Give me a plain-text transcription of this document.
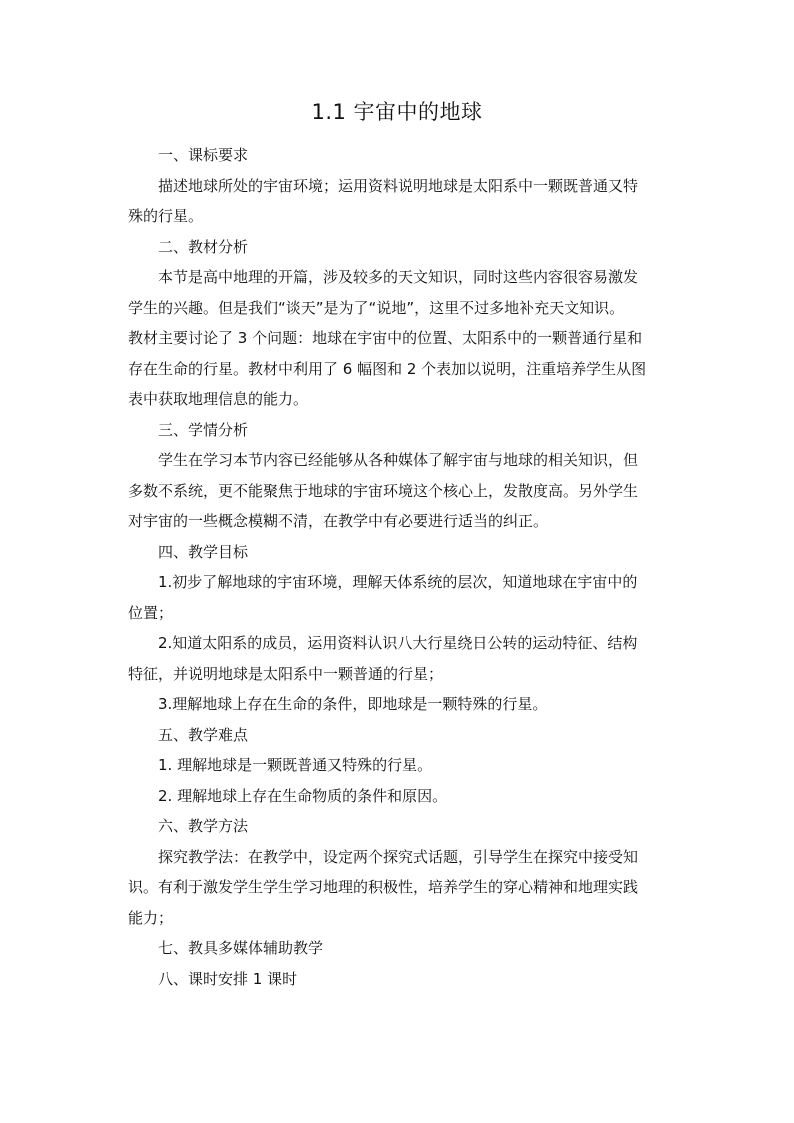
1.1 宇宙中的地球
一、课标要求
描述地球所处的宇宙环境；运用资料说明地球是太阳系中一颗既普通又特
殊的行星。
二、教材分析
本节是高中地理的开篇，涉及较多的天文知识，同时这些内容很容易激发
学生的兴趣。但是我们“谈天”是为了“说地”，这里不过多地补充天文知识。
教材主要讨论了 3 个问题：地球在宇宙中的位置、太阳系中的一颗普通行星和
存在生命的行星。教材中利用了 6 幅图和 2 个表加以说明，注重培养学生从图
表中获取地理信息的能力。
三、学情分析
学生在学习本节内容已经能够从各种媒体了解宇宙与地球的相关知识，但
多数不系统，更不能聚焦于地球的宇宙环境这个核心上，发散度高。另外学生
对宇宙的一些概念模糊不清，在教学中有必要进行适当的纠正。
四、教学目标
1.初步了解地球的宇宙环境，理解天体系统的层次，知道地球在宇宙中的
位置；
2.知道太阳系的成员，运用资料认识八大行星绕日公转的运动特征、结构
特征，并说明地球是太阳系中一颗普通的行星；
3.理解地球上存在生命的条件，即地球是一颗特殊的行星。
五、教学难点
1. 理解地球是一颗既普通又特殊的行星。
2. 理解地球上存在生命物质的条件和原因。
六、教学方法
探究教学法：在教学中，设定两个探究式话题，引导学生在探究中接受知
识。有利于激发学生学生学习地理的积极性，培养学生的穿心精神和地理实践
能力；
七、教具多媒体辅助教学
八、课时安排 1 课时
